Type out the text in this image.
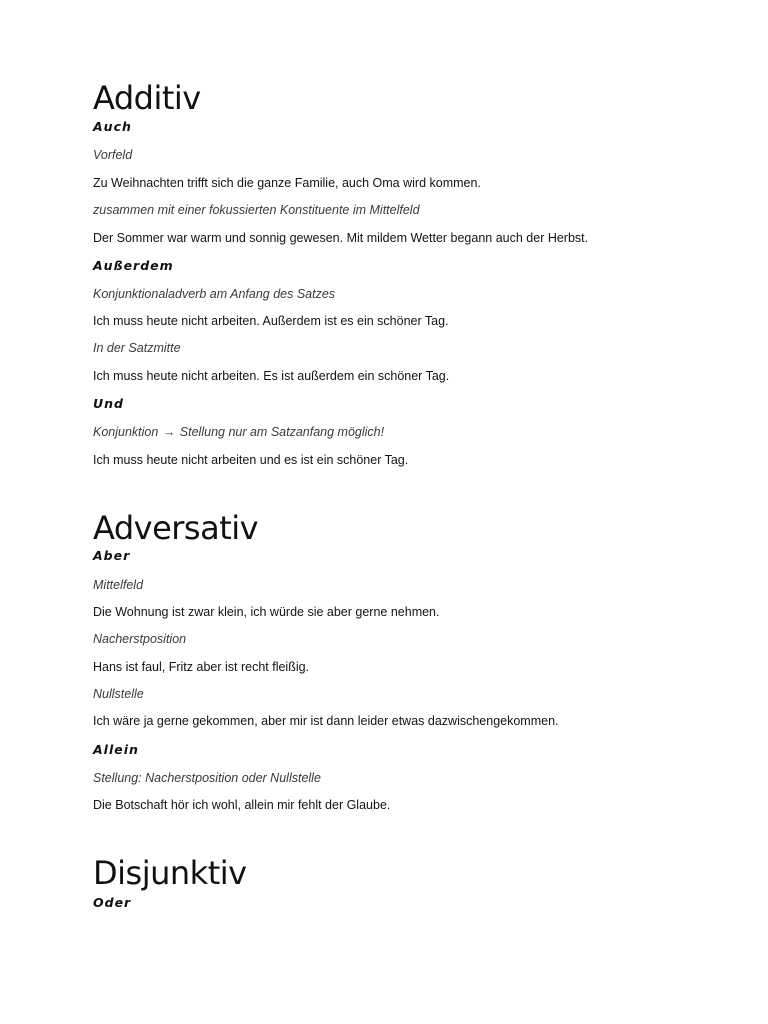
Additiv
Auch
Vorfeld
Zu Weihnachten trifft sich die ganze Familie, auch Oma wird kommen.
zusammen mit einer fokussierten Konstituente im Mittelfeld
Der Sommer war warm und sonnig gewesen. Mit mildem Wetter begann auch der Herbst.
Außerdem
Konjunktionaladverb am Anfang des Satzes
Ich muss heute nicht arbeiten. Außerdem ist es ein schöner Tag.
In der Satzmitte
Ich muss heute nicht arbeiten. Es ist außerdem ein schöner Tag.
Und
Konjunktion → Stellung nur am Satzanfang möglich!
Ich muss heute nicht arbeiten und es ist ein schöner Tag.
Adversativ
Aber
Mittelfeld
Die Wohnung ist zwar klein, ich würde sie aber gerne nehmen.
Nacherstposition
Hans ist faul, Fritz aber ist recht fleißig.
Nullstelle
Ich wäre ja gerne gekommen, aber mir ist dann leider etwas dazwischengekommen.
Allein
Stellung: Nacherstposition oder Nullstelle
Die Botschaft hör ich wohl, allein mir fehlt der Glaube.
Disjunktiv
Oder
